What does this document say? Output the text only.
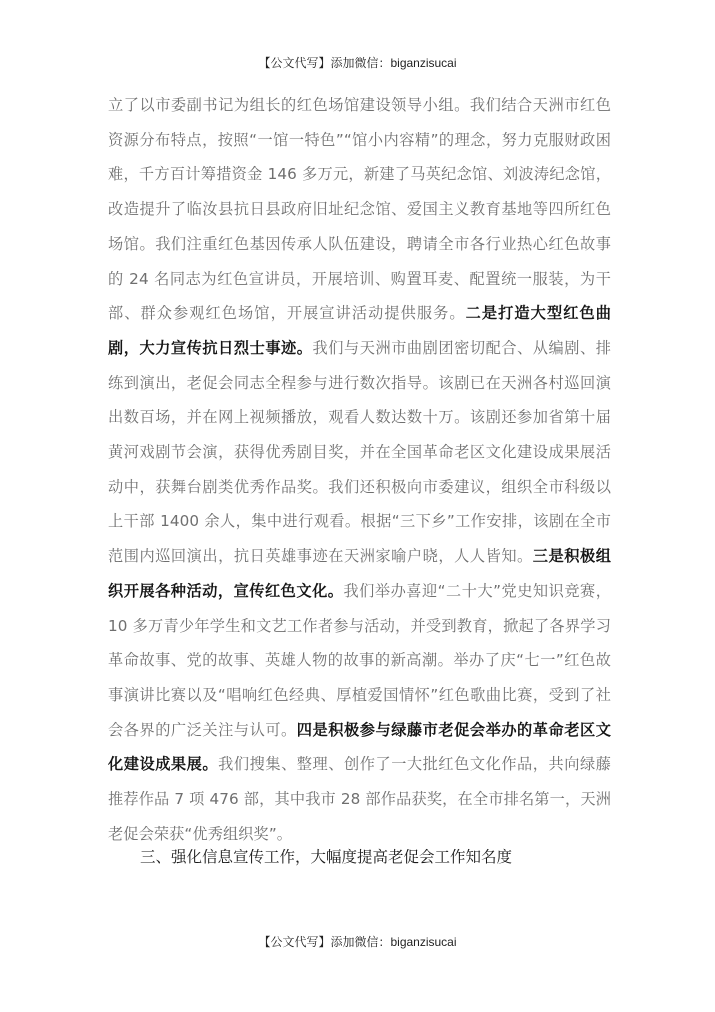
【公文代写】添加微信：biganzisucai

立了以市委副书记为组长的红色场馆建设领导小组。我们结合天洲市红色资源分布特点，按照“一馆一特色”“馆小内容精”的理念，努力克服财政困难，千方百计筹措资金 146 多万元，新建了马英纪念馆、刘波涛纪念馆，改造提升了临汝县抗日县政府旧址纪念馆、爱国主义教育基地等四所红色场馆。我们注重红色基因传承人队伍建设，聘请全市各行业热心红色故事的 24 名同志为红色宣讲员，开展培训、购置耳麦、配置统一服装，为干部、群众参观红色场馆，开展宣讲活动提供服务。二是打造大型红色曲剧，大力宣传抗日烈士事迹。我们与天洲市曲剧团密切配合、从编剧、排练到演出，老促会同志全程参与进行数次指导。该剧已在天洲各村巡回演出数百场，并在网上视频播放，观看人数达数十万。该剧还参加省第十届黄河戏剧节会演，获得优秀剧目奖，并在全国革命老区文化建设成果展活动中，获舞台剧类优秀作品奖。我们还积极向市委建议，组织全市科级以上干部 1400 余人，集中进行观看。根据“三下乡”工作安排，该剧在全市范围内巡回演出，抗日英雄事迹在天洲家喻户晓，人人皆知。三是积极组织开展各种活动，宣传红色文化。我们举办喜迎“二十大”党史知识竞赛，10 多万青少年学生和文艺工作者参与活动，并受到教育，掀起了各界学习革命故事、党的故事、英雄人物的故事的新高潮。举办了庆“七一”红色故事演讲比赛以及“唱响红色经典、厚植爱国情怀”红色歌曲比赛，受到了社会各界的广泛关注与认可。四是积极参与绿藤市老促会举办的革命老区文化建设成果展。我们搜集、整理、创作了一大批红色文化作品，共向绿藤推荐作品 7 项 476 部，其中我市 28 部作品获奖，在全市排名第一，天洲老促会荣获“优秀组织奖”。

三、强化信息宣传工作，大幅度提高老促会工作知名度

【公文代写】添加微信：biganzisucai
